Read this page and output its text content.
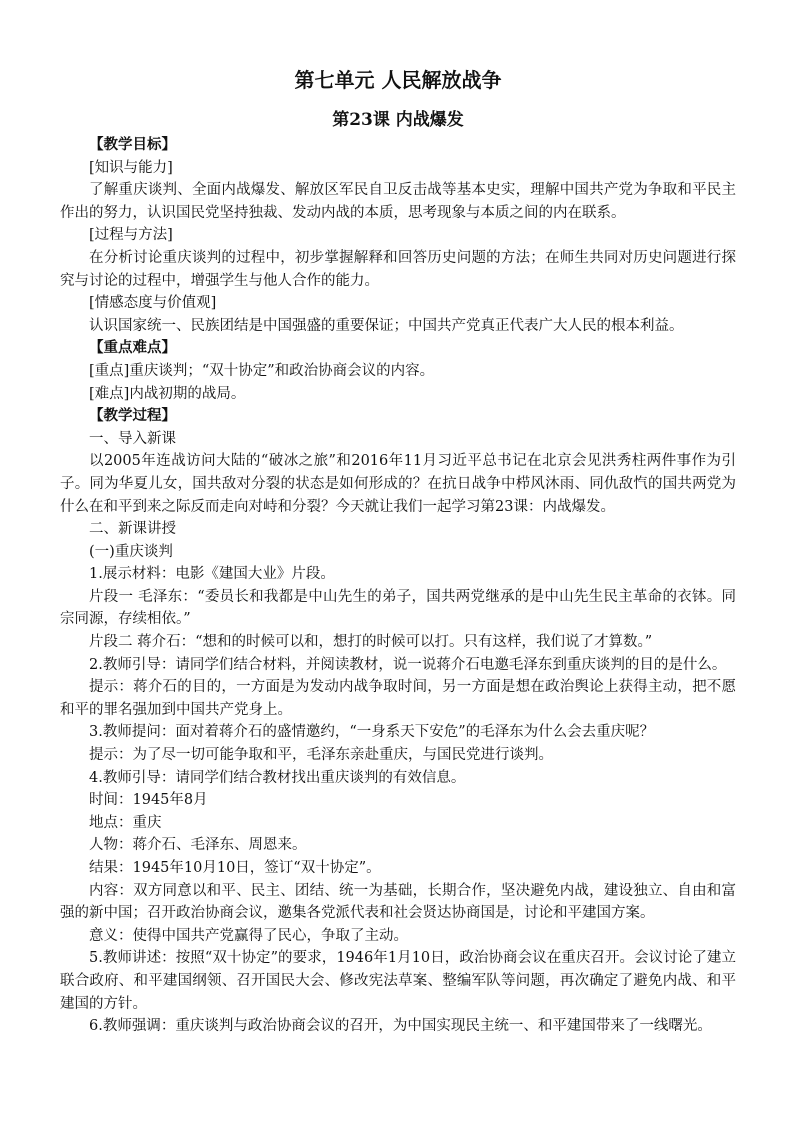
第七单元 人民解放战争
第23课 内战爆发

【教学目标】

[知识与能力]

了解重庆谈判、全面内战爆发、解放区军民自卫反击战等基本史实，理解中国共产党为争取和平民主作出的努力，认识国民党坚持独裁、发动内战的本质，思考现象与本质之间的内在联系。

[过程与方法]

在分析讨论重庆谈判的过程中，初步掌握解释和回答历史问题的方法；在师生共同对历史问题进行探究与讨论的过程中，增强学生与他人合作的能力。

[情感态度与价值观]

认识国家统一、民族团结是中国强盛的重要保证；中国共产党真正代表广大人民的根本利益。

【重点难点】

[重点]重庆谈判；“双十协定”和政治协商会议的内容。

[难点]内战初期的战局。

【教学过程】

一、导入新课

以2005年连战访问大陆的“破冰之旅”和2016年11月习近平总书记在北京会见洪秀柱两件事作为引子。同为华夏儿女，国共敌对分裂的状态是如何形成的？在抗日战争中栉风沐雨、同仇敌忾的国共两党为什么在和平到来之际反而走向对峙和分裂？今天就让我们一起学习第23课：内战爆发。

二、新课讲授

(一)重庆谈判

1.展示材料：电影《建国大业》片段。

片段一 毛泽东：“委员长和我都是中山先生的弟子，国共两党继承的是中山先生民主革命的衣钵。同宗同源，存续相依。”

片段二 蒋介石：“想和的时候可以和，想打的时候可以打。只有这样，我们说了才算数。”

2.教师引导：请同学们结合材料，并阅读教材，说一说蒋介石电邀毛泽东到重庆谈判的目的是什么。

提示：蒋介石的目的，一方面是为发动内战争取时间，另一方面是想在政治舆论上获得主动，把不愿和平的罪名强加到中国共产党身上。

3.教师提问：面对着蒋介石的盛情邀约，“一身系天下安危”的毛泽东为什么会去重庆呢？

提示：为了尽一切可能争取和平，毛泽东亲赴重庆，与国民党进行谈判。

4.教师引导：请同学们结合教材找出重庆谈判的有效信息。

时间：1945年8月

地点：重庆

人物：蒋介石、毛泽东、周恩来。

结果：1945年10月10日，签订“双十协定”。

内容：双方同意以和平、民主、团结、统一为基础，长期合作，坚决避免内战，建设独立、自由和富强的新中国；召开政治协商会议，邀集各党派代表和社会贤达协商国是，讨论和平建国方案。

意义：使得中国共产党赢得了民心，争取了主动。

5.教师讲述：按照“双十协定”的要求，1946年1月10日，政治协商会议在重庆召开。会议讨论了建立联合政府、和平建国纲领、召开国民大会、修改宪法草案、整编军队等问题，再次确定了避免内战、和平建国的方针。

6.教师强调：重庆谈判与政治协商会议的召开，为中国实现民主统一、和平建国带来了一线曙光。
